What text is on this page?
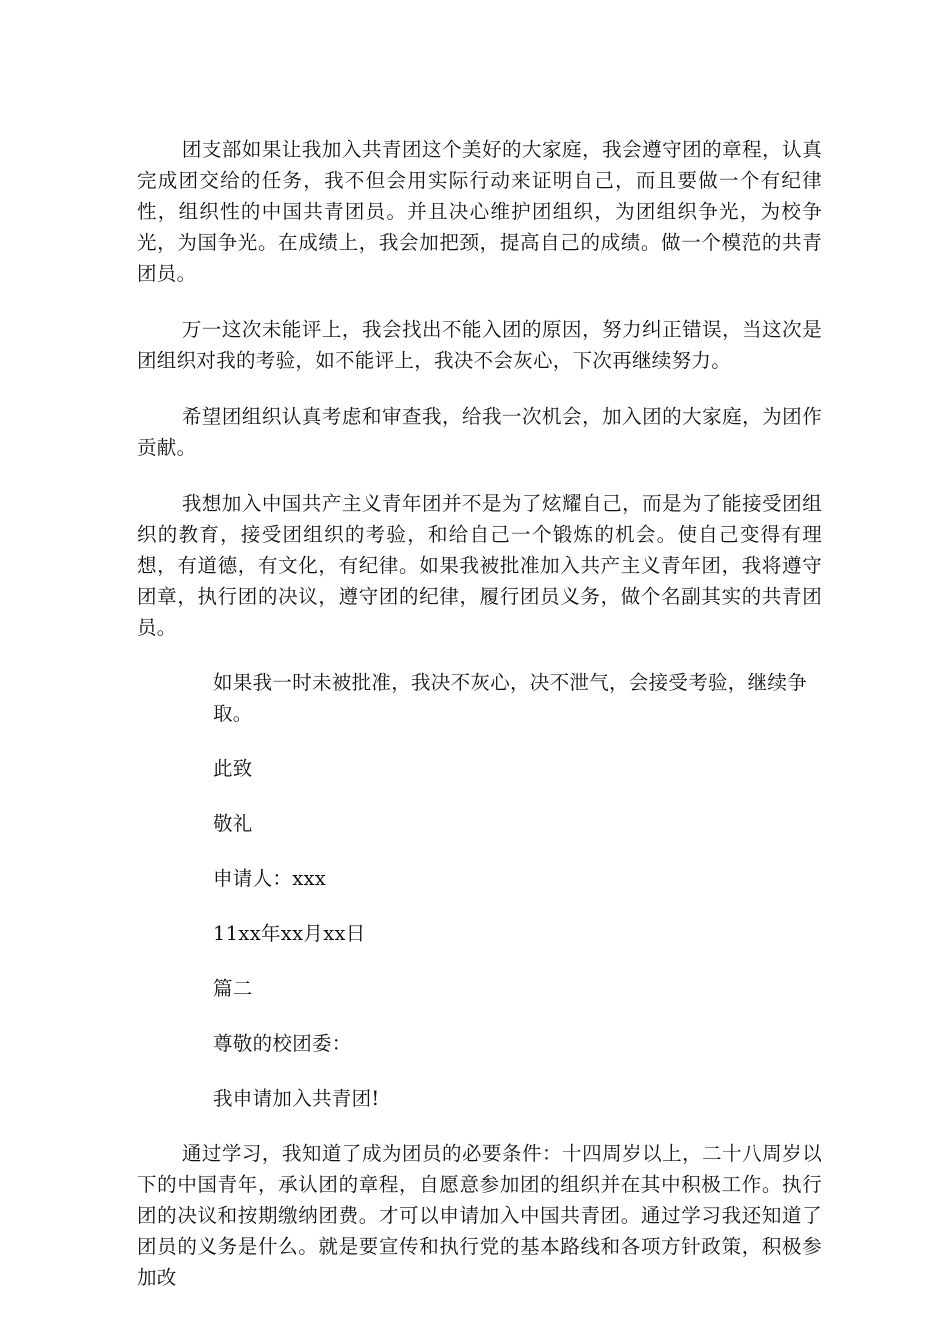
团支部如果让我加入共青团这个美好的大家庭，我会遵守团的章程，认真完成团交给的任务，我不但会用实际行动来证明自己，而且要做一个有纪律性，组织性的中国共青团员。并且决心维护团组织，为团组织争光，为校争光，为国争光。在成绩上，我会加把颈，提高自己的成绩。做一个模范的共青团员。

万一这次未能评上，我会找出不能入团的原因，努力纠正错误，当这次是团组织对我的考验，如不能评上，我决不会灰心，下次再继续努力。

希望团组织认真考虑和审查我，给我一次机会，加入团的大家庭，为团作贡献。

我想加入中国共产主义青年团并不是为了炫耀自己，而是为了能接受团组织的教育，接受团组织的考验，和给自己一个锻炼的机会。使自己变得有理想，有道德，有文化，有纪律。如果我被批准加入共产主义青年团，我将遵守团章，执行团的决议，遵守团的纪律，履行团员义务，做个名副其实的共青团员。

如果我一时未被批准，我决不灰心，决不泄气，会接受考验，继续争取。

此致

敬礼

申请人：xxx

11xx年xx月xx日

篇二

尊敬的校团委：

我申请加入共青团!

通过学习，我知道了成为团员的必要条件：十四周岁以上，二十八周岁以下的中国青年，承认团的章程，自愿意参加团的组织并在其中积极工作。执行团的决议和按期缴纳团费。才可以申请加入中国共青团。通过学习我还知道了团员的义务是什么。就是要宣传和执行党的基本路线和各项方针政策，积极参加改
